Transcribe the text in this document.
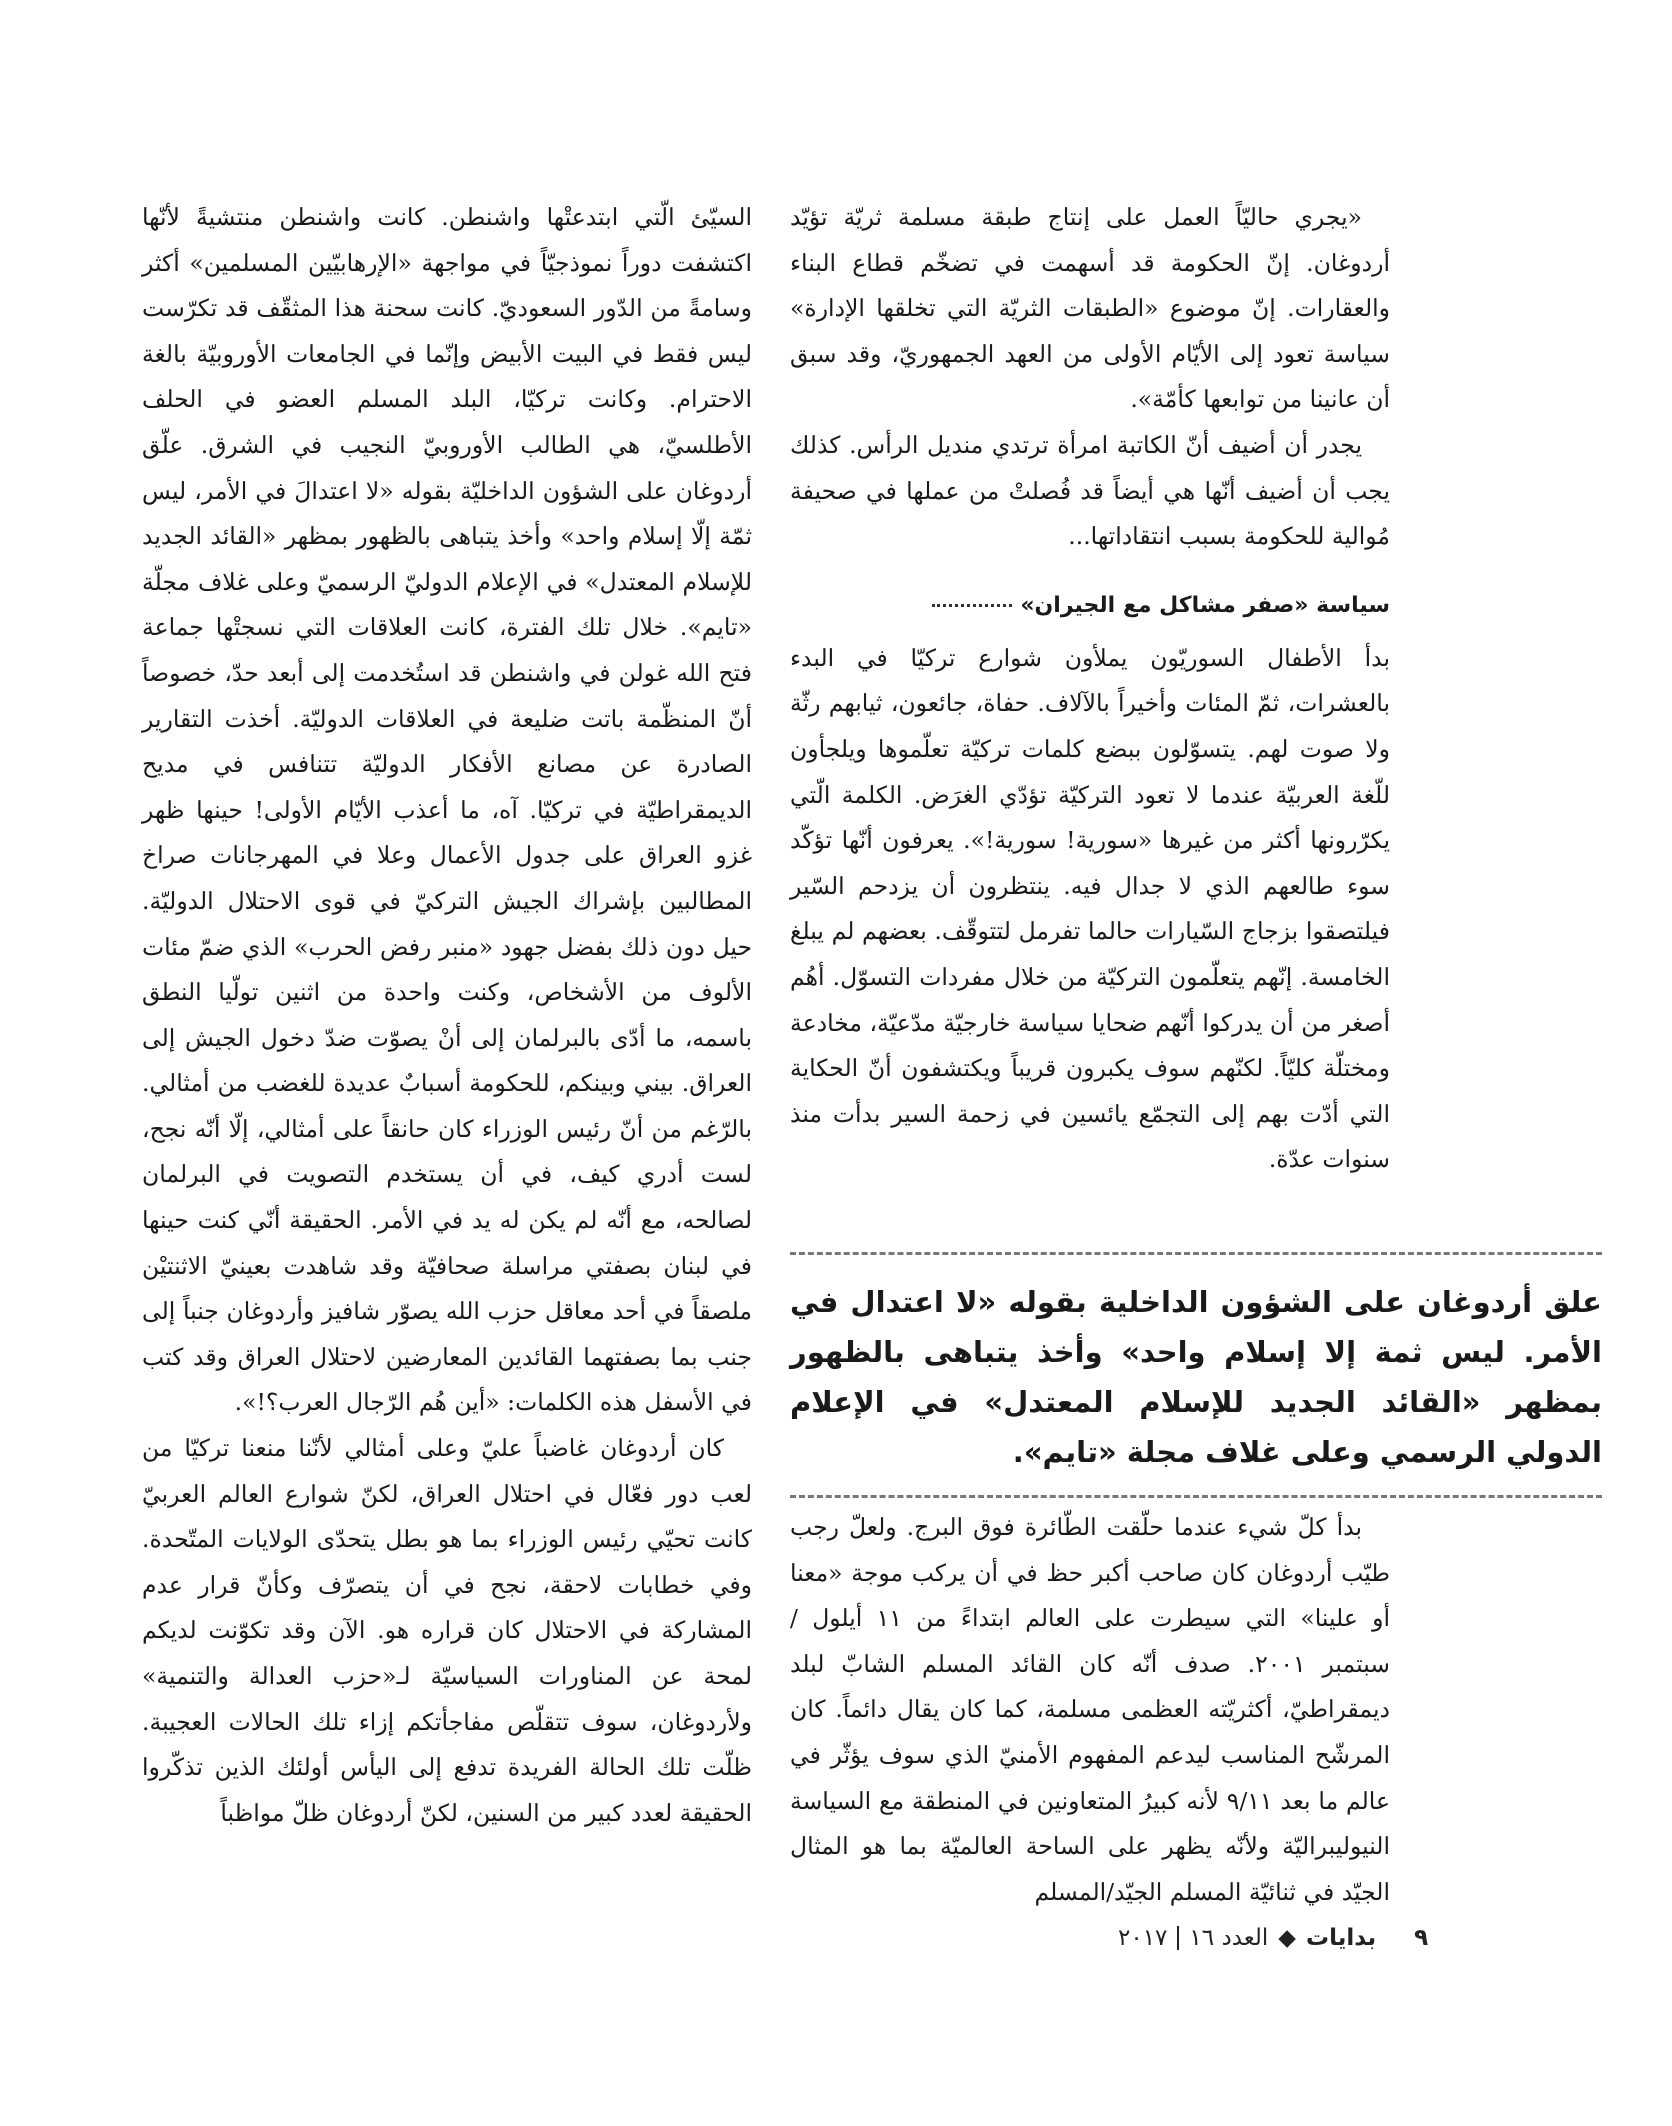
«يجري حاليّاً العمل على إنتاج طبقة مسلمة ثريّة تؤيّد أردوغان. إنّ الحكومة قد أسهمت في تضخّم قطاع البناء والعقارات. إنّ موضوع «الطبقات الثريّة التي تخلقها الإدارة» سياسة تعود إلى الأيّام الأولى من العهد الجمهوريّ، وقد سبق أن عانينا من توابعها كأمّة».

يجدر أن أضيف أنّ الكاتبة امرأة ترتدي منديل الرأس. كذلك يجب أن أضيف أنّها هي أيضاً قد فُصلتْ من عملها في صحيفة مُوالية للحكومة بسبب انتقاداتها...

سياسة «صفر مشاكل مع الجيران»

بدأ الأطفال السوريّون يملأون شوارع تركيّا في البدء بالعشرات، ثمّ المئات وأخيراً بالآلاف. حفاة، جائعون، ثيابهم رثّة ولا صوت لهم. يتسوّلون ببضع كلمات تركيّة تعلّموها ويلجأون للّغة العربيّة عندما لا تعود التركيّة تؤدّي الغرَض. الكلمة الّتي يكرّرونها أكثر من غيرها «سورية! سورية!». يعرفون أنّها تؤكّد سوء طالعهم الذي لا جدال فيه. ينتظرون أن يزدحم السّير فيلتصقوا بزجاج السّيارات حالما تفرمل لتتوقّف. بعضهم لم يبلغ الخامسة. إنّهم يتعلّمون التركيّة من خلال مفردات التسوّل. أهُم أصغر من أن يدركوا أنّهم ضحايا سياسة خارجيّة مدّعيّة، مخادعة ومختلّة كليّاً. لكنّهم سوف يكبرون قريباً ويكتشفون أنّ الحكاية التي أدّت بهم إلى التجمّع يائسين في زحمة السير بدأت منذ سنوات عدّة.

علق أردوغان على الشؤون الداخلية بقوله «لا اعتدال في الأمر. ليس ثمة إلا إسلام واحد» وأخذ يتباهى بالظهور بمظهر «القائد الجديد للإسلام المعتدل» في الإعلام الدولي الرسمي وعلى غلاف مجلة «تايم».

بدأ كلّ شيء عندما حلّقت الطّائرة فوق البرج. ولعلّ رجب طيّب أردوغان كان صاحب أكبر حظ في أن يركب موجة «معنا أو علينا» التي سيطرت على العالم ابتداءً من ١١ أيلول / سبتمبر ٢٠٠١. صدف أنّه كان القائد المسلم الشابّ لبلد ديمقراطيّ، أكثريّته العظمى مسلمة، كما كان يقال دائماً. كان المرشّح المناسب ليدعم المفهوم الأمنيّ الذي سوف يؤثّر في عالم ما بعد ٩/١١ لأنه كبيرُ المتعاونين في المنطقة مع السياسة النيوليبراليّة ولأنّه يظهر على الساحة العالميّة بما هو المثال الجيّد في ثنائيّة المسلم الجيّد/المسلم

السيّئ الّتي ابتدعتْها واشنطن. كانت واشنطن منتشيةً لأنّها اكتشفت دوراً نموذجيّاً في مواجهة «الإرهابيّين المسلمين» أكثر وسامةً من الدّور السعوديّ. كانت سحنة هذا المثقّف قد تكرّست ليس فقط في البيت الأبيض وإنّما في الجامعات الأوروبيّة بالغة الاحترام. وكانت تركيّا، البلد المسلم العضو في الحلف الأطلسيّ، هي الطالب الأوروبيّ النجيب في الشرق. علّق أردوغان على الشؤون الداخليّة بقوله «لا اعتدالَ في الأمر، ليس ثمّة إلّا إسلام واحد» وأخذ يتباهى بالظهور بمظهر «القائد الجديد للإسلام المعتدل» في الإعلام الدوليّ الرسميّ وعلى غلاف مجلّة «تايم». خلال تلك الفترة، كانت العلاقات التي نسجتْها جماعة فتح الله غولن في واشنطن قد استُخدمت إلى أبعد حدّ، خصوصاً أنّ المنظّمة باتت ضليعة في العلاقات الدوليّة. أخذت التقارير الصادرة عن مصانع الأفكار الدوليّة تتنافس في مديح الديمقراطيّة في تركيّا. آه، ما أعذب الأيّام الأولى! حينها ظهر غزو العراق على جدول الأعمال وعلا في المهرجانات صراخ المطالبين بإشراك الجيش التركيّ في قوى الاحتلال الدوليّة. حيل دون ذلك بفضل جهود «منبر رفض الحرب» الذي ضمّ مئات الألوف من الأشخاص، وكنت واحدة من اثنين تولّيا النطق باسمه، ما أدّى بالبرلمان إلى أنْ يصوّت ضدّ دخول الجيش إلى العراق. بيني وبينكم، للحكومة أسبابٌ عديدة للغضب من أمثالي. بالرّغم من أنّ رئيس الوزراء كان حانقاً على أمثالي، إلّا أنّه نجح، لست أدري كيف، في أن يستخدم التصويت في البرلمان لصالحه، مع أنّه لم يكن له يد في الأمر. الحقيقة أنّي كنت حينها في لبنان بصفتي مراسلة صحافيّة وقد شاهدت بعينيّ الاثنتيْن ملصقاً في أحد معاقل حزب الله يصوّر شافيز وأردوغان جنباً إلى جنب بما بصفتهما القائدين المعارضين لاحتلال العراق وقد كتب في الأسفل هذه الكلمات: «أين هُم الرّجال العرب؟!».

كان أردوغان غاضباً عليّ وعلى أمثالي لأنّنا منعنا تركيّا من لعب دور فعّال في احتلال العراق، لكنّ شوارع العالم العربيّ كانت تحيّي رئيس الوزراء بما هو بطل يتحدّى الولايات المتّحدة. وفي خطابات لاحقة، نجح في أن يتصرّف وكأنّ قرار عدم المشاركة في الاحتلال كان قراره هو. الآن وقد تكوّنت لديكم لمحة عن المناورات السياسيّة لـ«حزب العدالة والتنمية» ولأردوغان، سوف تتقلّص مفاجأتكم إزاء تلك الحالات العجيبة. ظلّت تلك الحالة الفريدة تدفع إلى اليأس أولئك الذين تذكّروا الحقيقة لعدد كبير من السنين، لكنّ أردوغان ظلّ مواظباً

٩
بدايات
◆
العدد ١٦
٢٠١٧
